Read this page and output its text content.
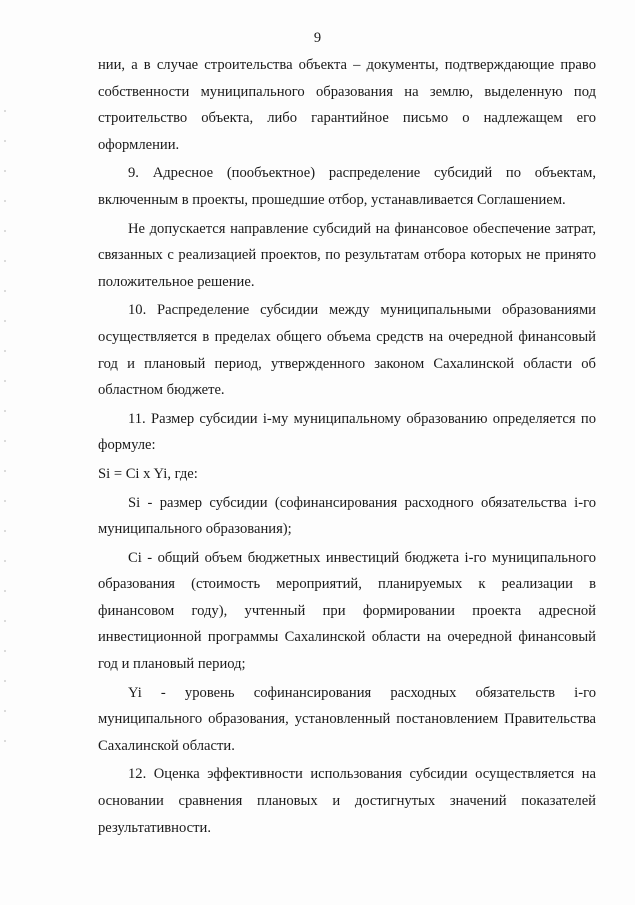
9

нии, а в случае строительства объекта – документы, подтверждающие право собственности муниципального образования на землю, выделенную под строительство объекта, либо гарантийное письмо о надлежащем его оформлении.

9. Адресное (пообъектное) распределение субсидий по объектам, включенным в проекты, прошедшие отбор, устанавливается Соглашением.

Не допускается направление субсидий на финансовое обеспечение затрат, связанных с реализацией проектов, по результатам отбора которых не принято положительное решение.

10. Распределение субсидии между муниципальными образованиями осуществляется в пределах общего объема средств на очередной финансовый год и плановый период, утвержденного законом Сахалинской области об областном бюджете.

11. Размер субсидии i-му муниципальному образованию определяется по формуле:

Si = Ci x Yi, где:

Si - размер субсидии (софинансирования расходного обязательства i-го муниципального образования);

Ci - общий объем бюджетных инвестиций бюджета i-го муниципального образования (стоимость мероприятий, планируемых к реализации в финансовом году), учтенный при формировании проекта адресной инвестиционной программы Сахалинской области на очередной финансовый год и плановый период;

Yi - уровень софинансирования расходных обязательств i-го муниципального образования, установленный постановлением Правительства Сахалинской области.

12. Оценка эффективности использования субсидии осуществляется на основании сравнения плановых и достигнутых значений показателей результативности.
